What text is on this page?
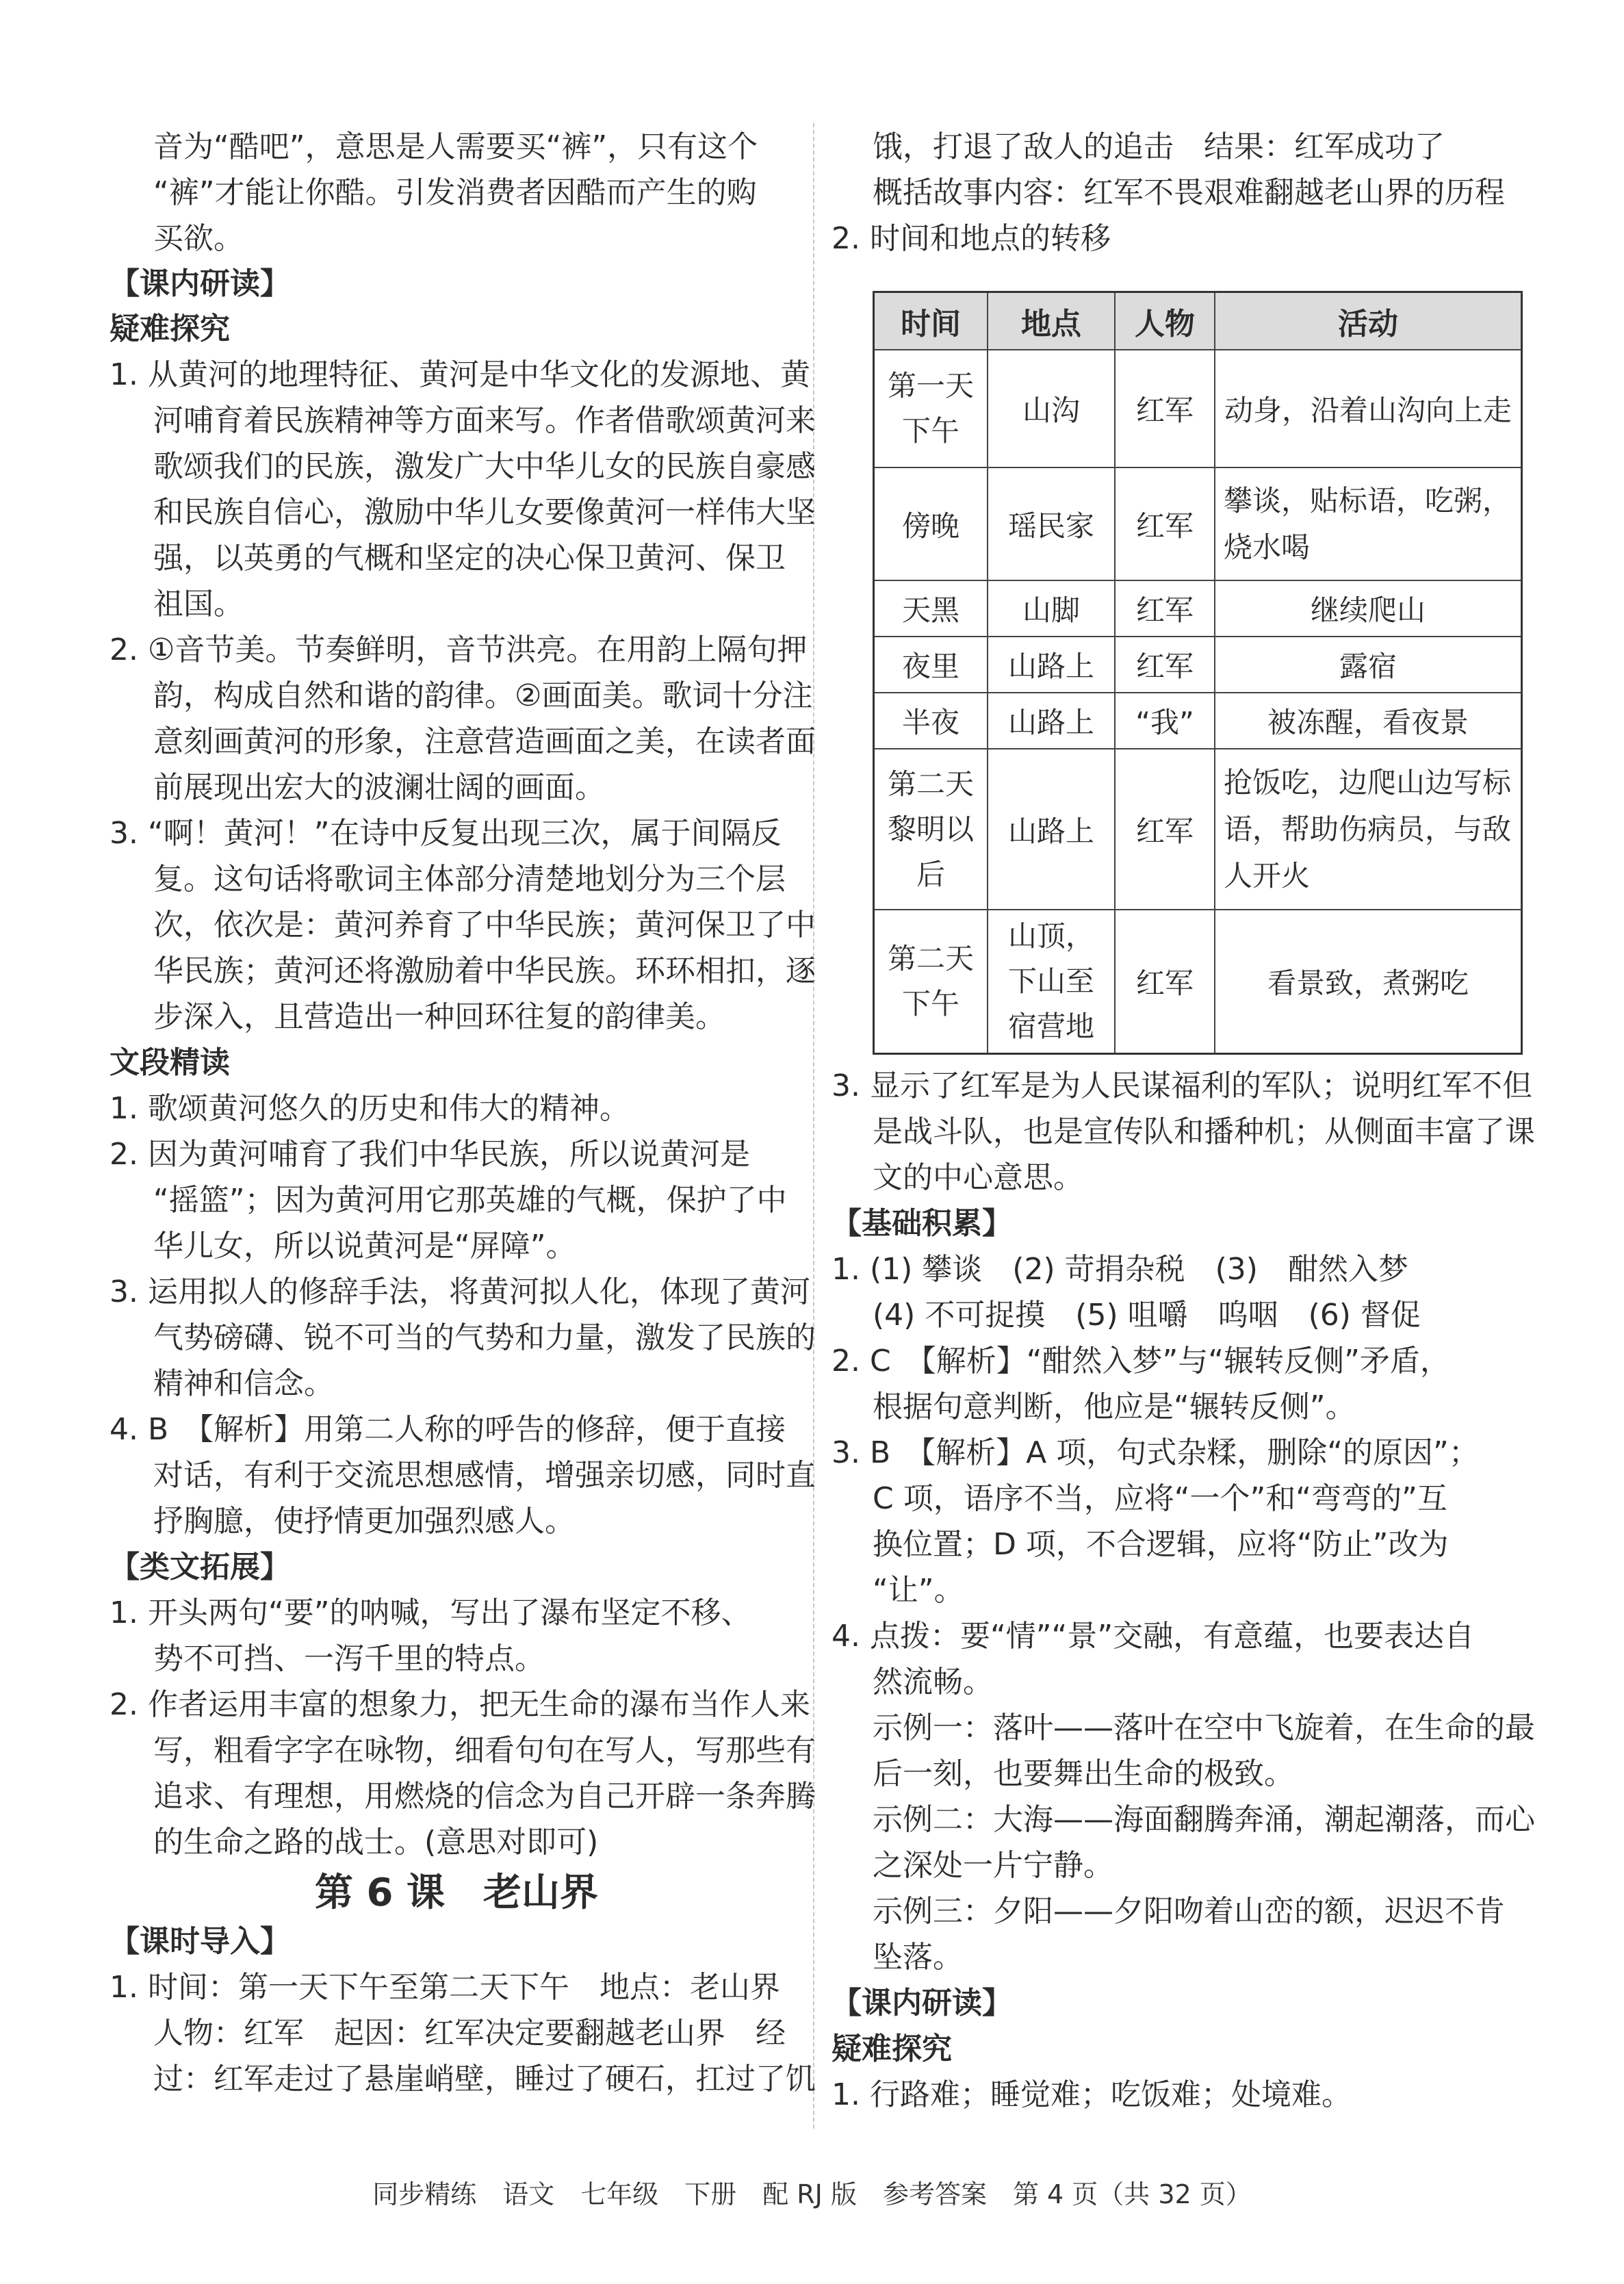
音为“酷吧”，意思是人需要买“裤”，只有这个
“裤”才能让你酷。引发消费者因酷而产生的购
买欲。
【课内研读】
疑难探究
1. 从黄河的地理特征、黄河是中华文化的发源地、黄
河哺育着民族精神等方面来写。作者借歌颂黄河来
歌颂我们的民族，激发广大中华儿女的民族自豪感
和民族自信心，激励中华儿女要像黄河一样伟大坚
强，以英勇的气概和坚定的决心保卫黄河、保卫
祖国。
2. ①音节美。节奏鲜明，音节洪亮。在用韵上隔句押
韵，构成自然和谐的韵律。②画面美。歌词十分注
意刻画黄河的形象，注意营造画面之美，在读者面
前展现出宏大的波澜壮阔的画面。
3. “啊！黄河！”在诗中反复出现三次，属于间隔反
复。这句话将歌词主体部分清楚地划分为三个层
次，依次是：黄河养育了中华民族；黄河保卫了中
华民族；黄河还将激励着中华民族。环环相扣，逐
步深入，且营造出一种回环往复的韵律美。
文段精读
1. 歌颂黄河悠久的历史和伟大的精神。
2. 因为黄河哺育了我们中华民族，所以说黄河是
“摇篮”；因为黄河用它那英雄的气概，保护了中
华儿女，所以说黄河是“屏障”。
3. 运用拟人的修辞手法，将黄河拟人化，体现了黄河
气势磅礴、锐不可当的气势和力量，激发了民族的
精神和信念。
4. B　【解析】用第二人称的呼告的修辞，便于直接
对话，有利于交流思想感情，增强亲切感，同时直
抒胸臆，使抒情更加强烈感人。
【类文拓展】
1. 开头两句“要”的呐喊，写出了瀑布坚定不移、
势不可挡、一泻千里的特点。
2. 作者运用丰富的想象力，把无生命的瀑布当作人来
写，粗看字字在咏物，细看句句在写人，写那些有
追求、有理想，用燃烧的信念为自己开辟一条奔腾
的生命之路的战士。(意思对即可)
第 6 课　老山界
【课时导入】
1. 时间：第一天下午至第二天下午　地点：老山界
人物：红军　起因：红军决定要翻越老山界　经
过：红军走过了悬崖峭壁，睡过了硬石，扛过了饥
饿，打退了敌人的追击　结果：红军成功了
概括故事内容：红军不畏艰难翻越老山界的历程
2. 时间和地点的转移
时间	地点	人物	活动
第一天下午	山沟	红军	动身，沿着山沟向上走
傍晚	瑶民家	红军	攀谈，贴标语，吃粥，烧水喝
天黑	山脚	红军	继续爬山
夜里	山路上	红军	露宿
半夜	山路上	“我”	被冻醒，看夜景
第二天黎明以后	山路上	红军	抢饭吃，边爬山边写标语，帮助伤病员，与敌人开火
第二天下午	山顶，下山至宿营地	红军	看景致，煮粥吃
3. 显示了红军是为人民谋福利的军队；说明红军不但
是战斗队，也是宣传队和播种机；从侧面丰富了课
文的中心意思。
【基础积累】
1. (1) 攀谈　(2) 苛捐杂税　(3)　酣然入梦
(4) 不可捉摸　(5) 咀嚼　呜咽　(6) 督促
2. C　【解析】“酣然入梦”与“辗转反侧”矛盾，
根据句意判断，他应是“辗转反侧”。
3. B　【解析】A 项，句式杂糅，删除“的原因”；
C 项，语序不当，应将“一个”和“弯弯的”互
换位置；D 项，不合逻辑，应将“防止”改为
“让”。
4. 点拨：要“情”“景”交融，有意蕴，也要表达自
然流畅。
示例一：落叶——落叶在空中飞旋着，在生命的最
后一刻，也要舞出生命的极致。
示例二：大海——海面翻腾奔涌，潮起潮落，而心
之深处一片宁静。
示例三：夕阳——夕阳吻着山峦的额，迟迟不肯
坠落。
【课内研读】
疑难探究
1. 行路难；睡觉难；吃饭难；处境难。
同步精练　语文　七年级　下册　配 RJ 版　参考答案　第 4 页（共 32 页）
